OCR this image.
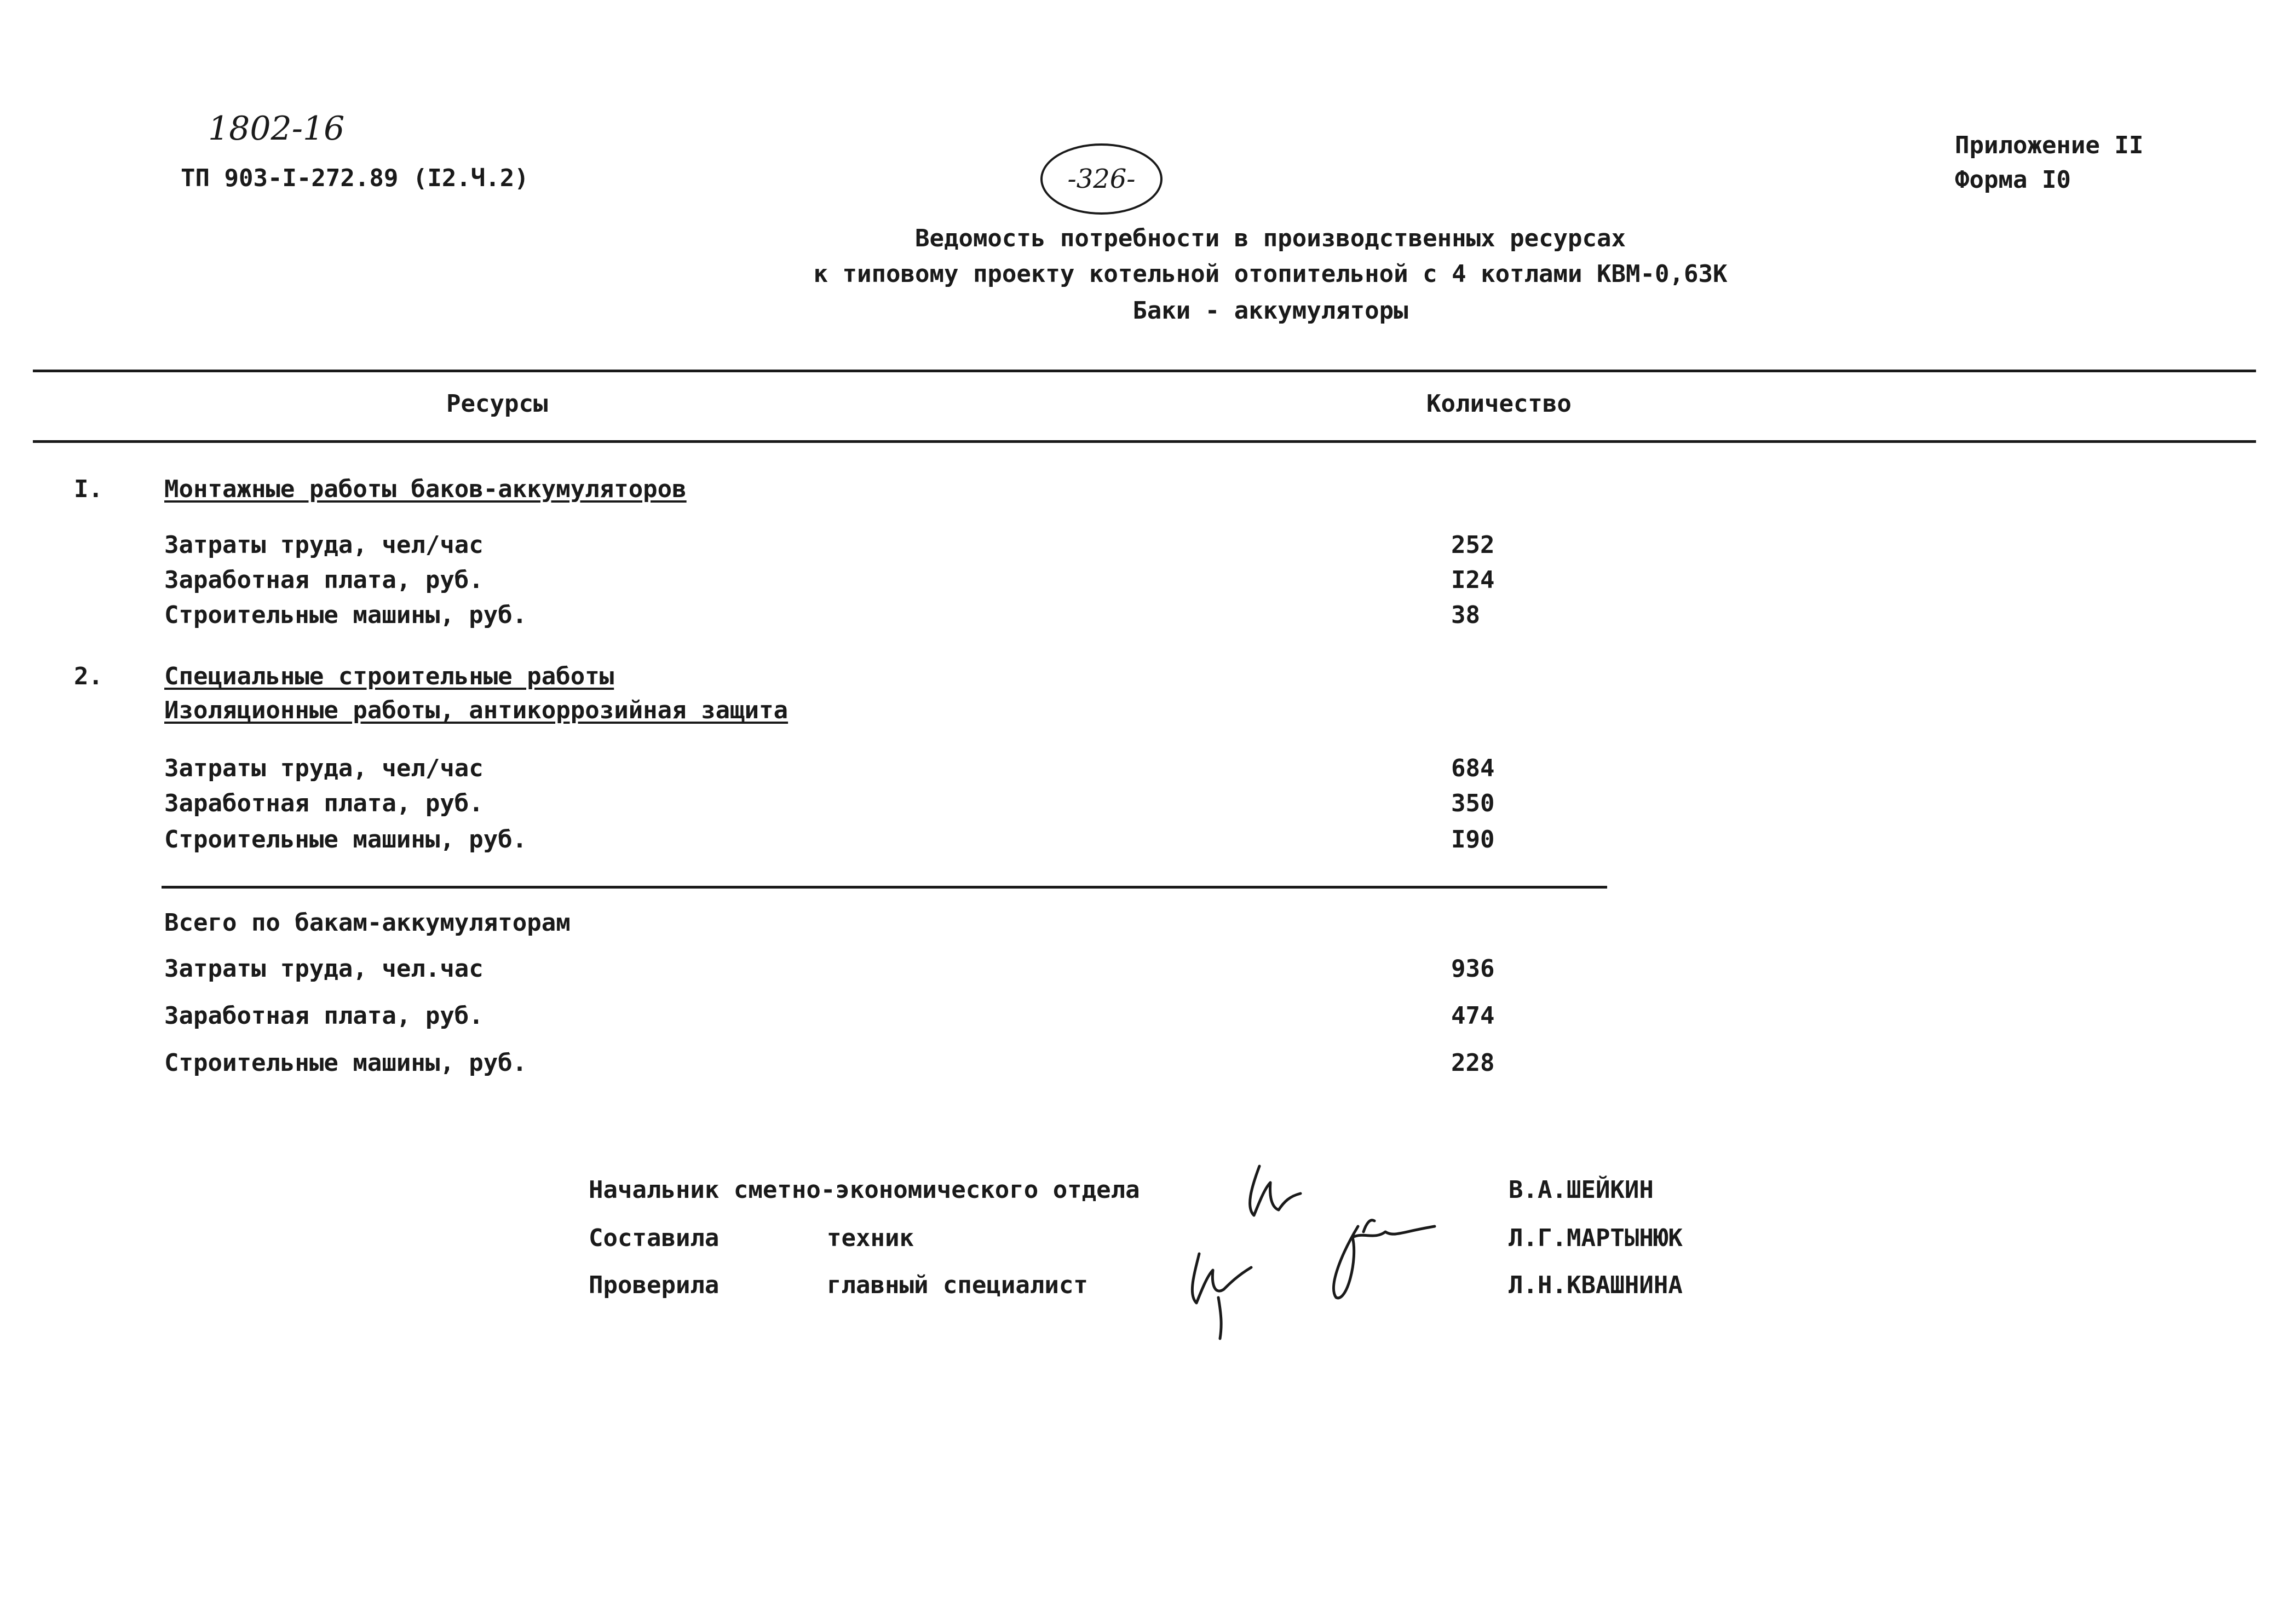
1802-16
ТП 903-I-272.89 (I2.Ч.2)	-326-
Приложение II
Форма I0
Ведомость потребности в производственных ресурсах
к типовому проекту котельной отопительной с 4 котлами КВМ-0,63К
Баки - аккумуляторы
Ресурсы	Количество
I.	Монтажные работы баков-аккумуляторов
Затраты труда, чел/час	252
Заработная плата, руб.	I24
Строительные машины, руб.	38
2.	Специальные строительные работы
Изоляционные работы, антикоррозийная защита
Затраты труда, чел/час	684
Заработная плата, руб.	350
Строительные машины, руб.	I90
Всего по бакам-аккумуляторам
Затраты труда, чел.час	936
Заработная плата, руб.	474
Строительные машины, руб.	228
Начальник сметно-экономического отдела	В.А.ШЕЙКИН
Составила	техник	Л.Г.МАРТЫНЮК
Проверила	главный специалист	Л.Н.КВАШНИНА
